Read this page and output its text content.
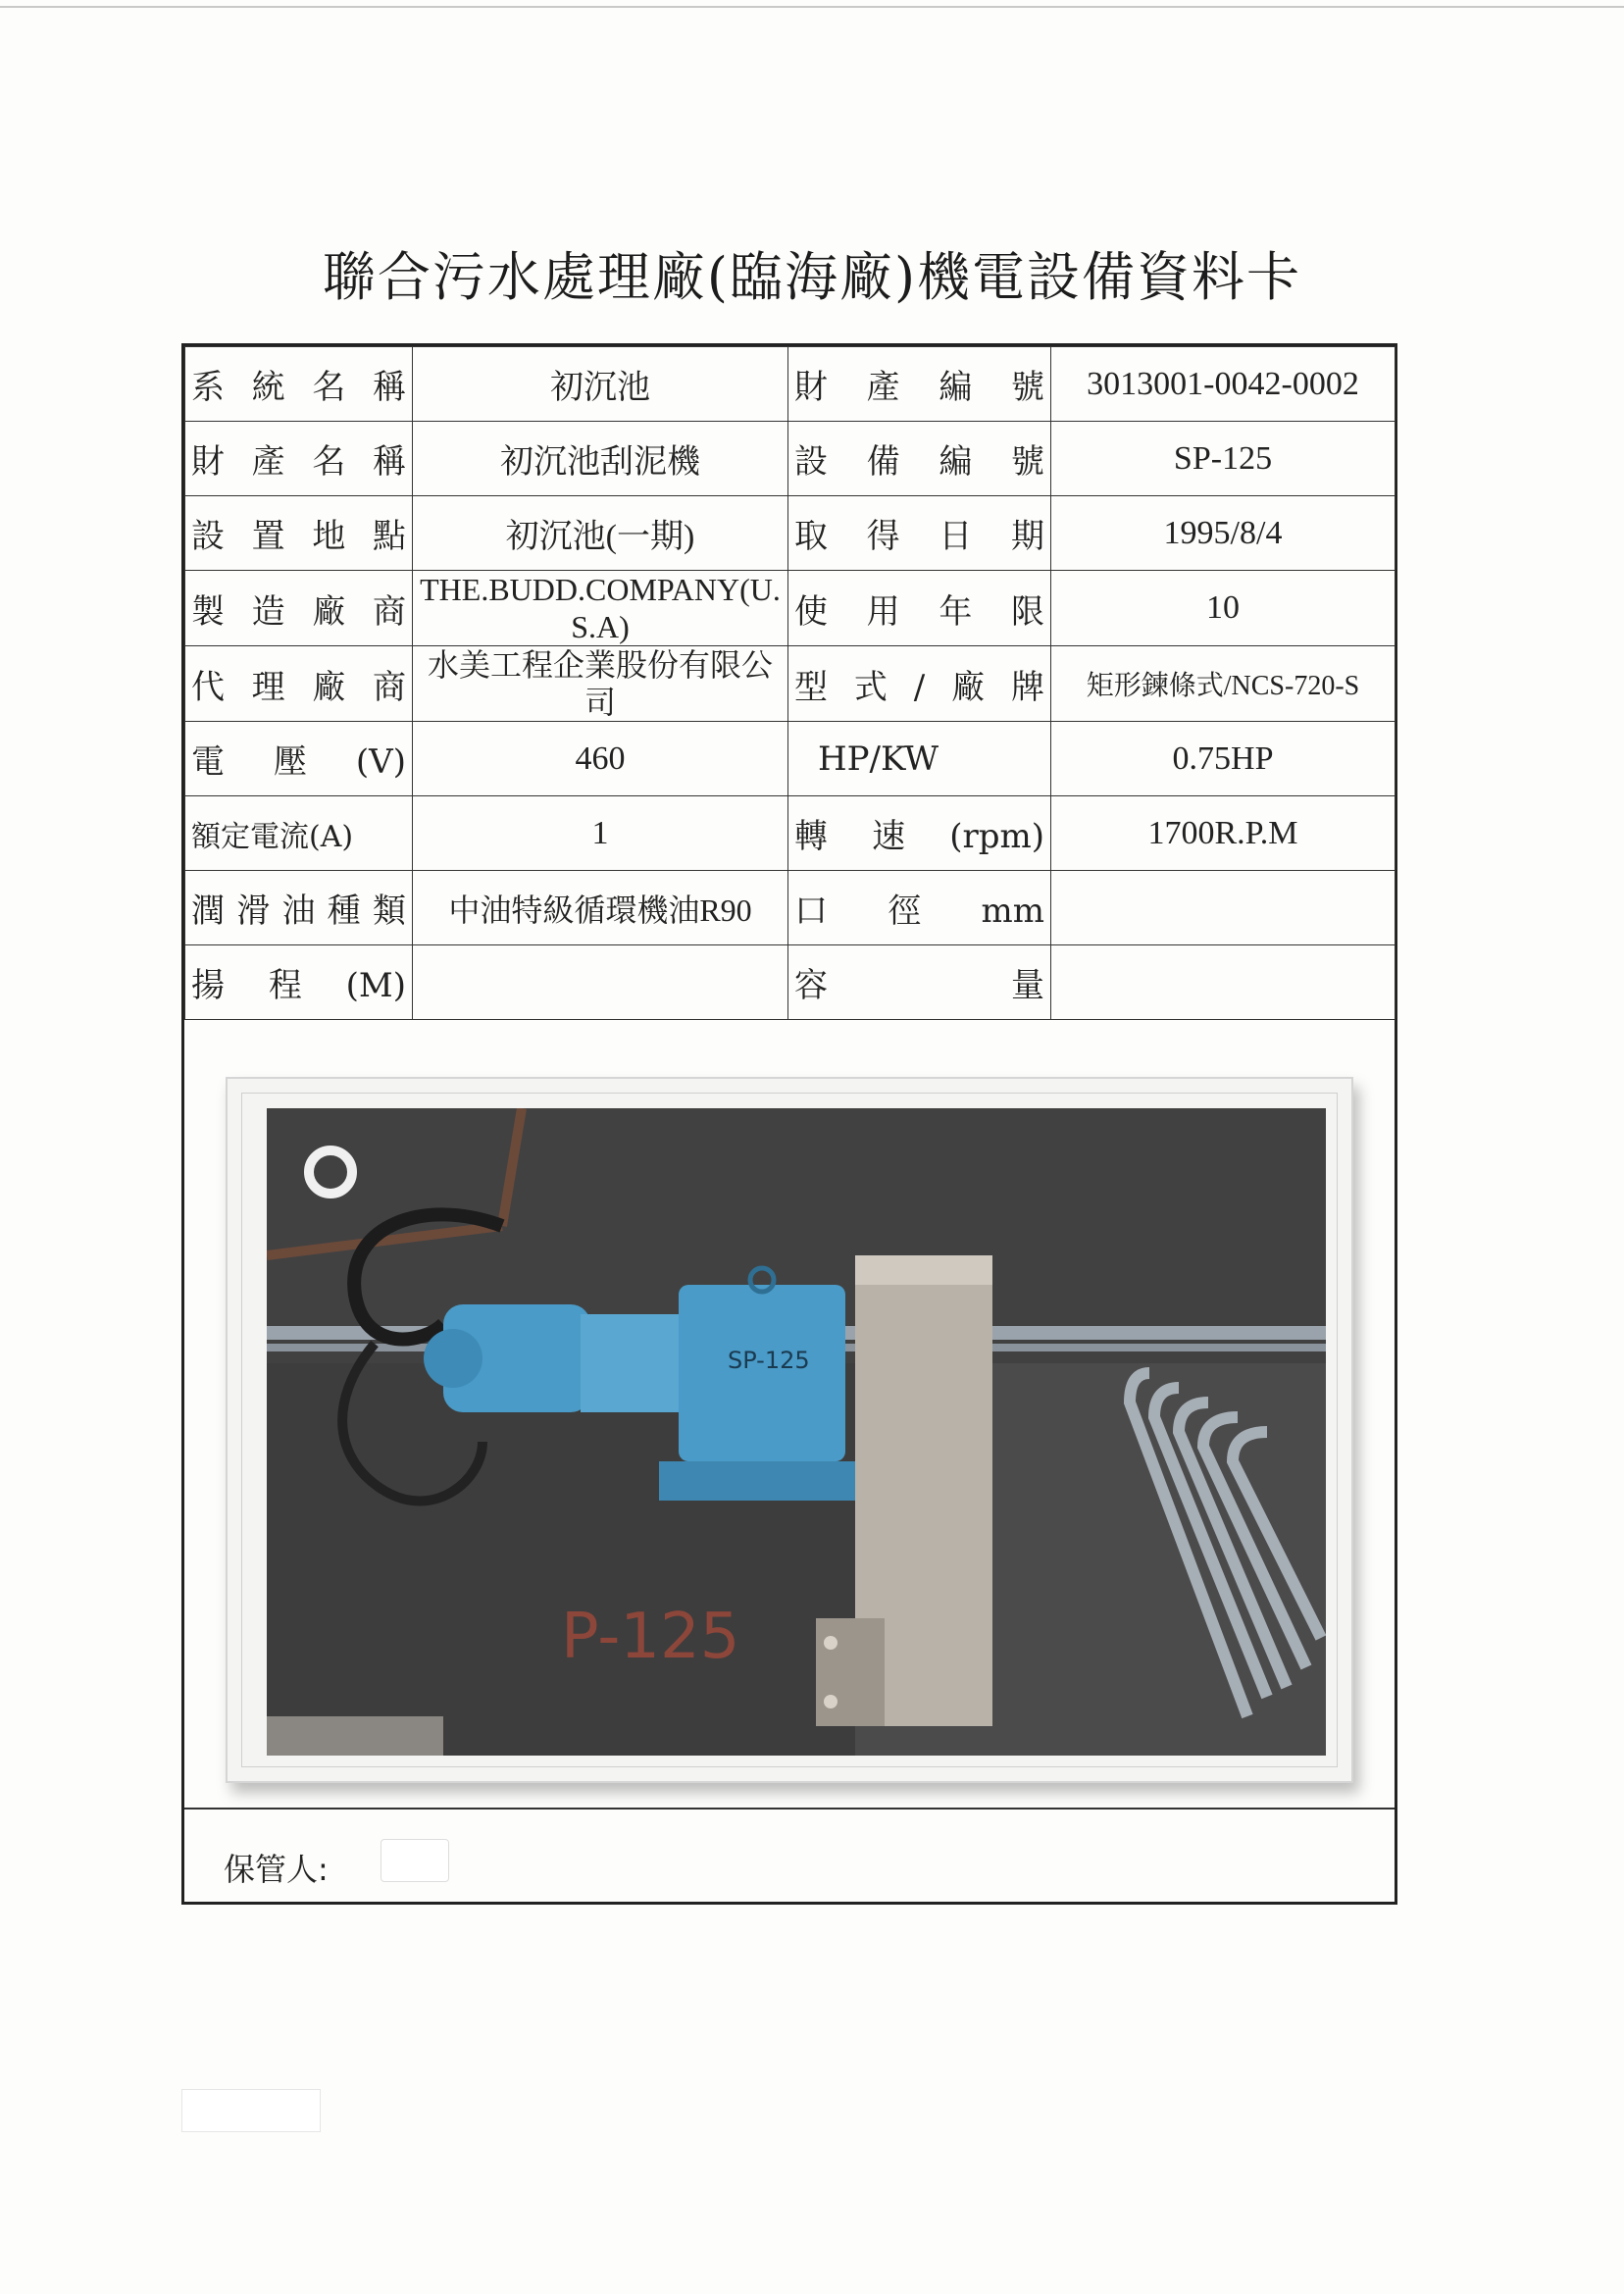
聯合污水處理廠(臨海廠)機電設備資料卡
系統名稱	初沉池	財產編號	3013001-0042-0002
財產名稱	初沉池刮泥機	設備編號	SP-125
設置地點	初沉池(一期)	取得日期	1995/8/4
製造廠商	THE.BUDD.COMPANY(U.S.A)	使用年限	10
代理廠商	水美工程企業股份有限公司	型式/廠牌	矩形鍊條式/NCS-720-S
電壓(V)	460	HP/KW	0.75HP
額定電流(A)	1	轉速(rpm)	1700R.P.M
潤滑油種類	中油特級循環機油R90	口徑mm	
揚程(M)		容量	
SP-125
P-125
保管人:
